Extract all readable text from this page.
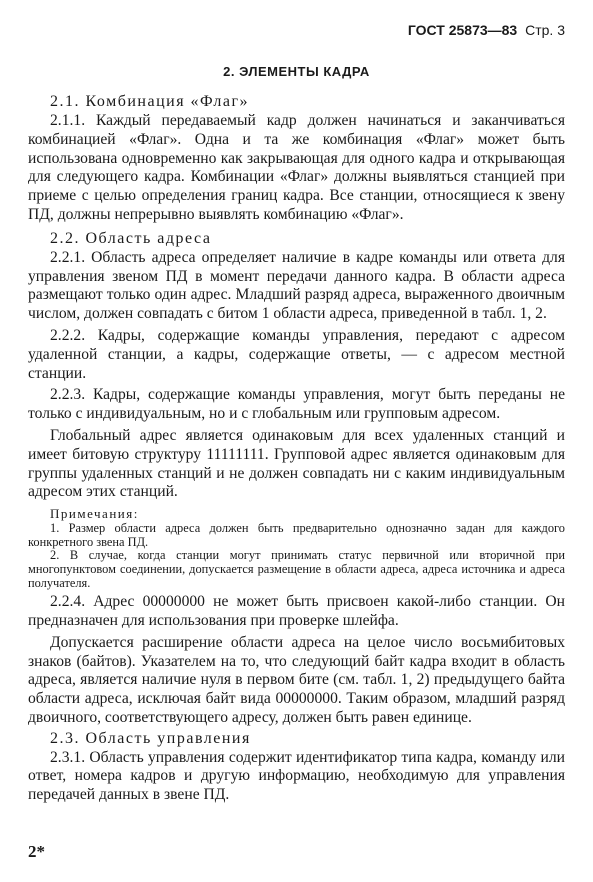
ГОСТ 25873—83 Стр. 3
2. ЭЛЕМЕНТЫ КАДРА

2.1. Комбинация «Флаг»

2.1.1. Каждый передаваемый кадр должен начинаться и заканчиваться комбинацией «Флаг». Одна и та же комбинация «Флаг» может быть использована одновременно как закрывающая для одного кадра и открывающая для следующего кадра. Комбинации «Флаг» должны выявляться станцией при приеме с целью определения границ кадра. Все станции, относящиеся к звену ПД, должны непрерывно выявлять комбинацию «Флаг».

2.2. Область адреса

2.2.1. Область адреса определяет наличие в кадре команды или ответа для управления звеном ПД в момент передачи данного кадра. В области адреса размещают только один адрес. Младший разряд адреса, выраженного двоичным числом, должен совпадать с битом 1 области адреса, приведенной в табл. 1, 2.

2.2.2. Кадры, содержащие команды управления, передают с адресом удаленной станции, а кадры, содержащие ответы, — с адресом местной станции.

2.2.3. Кадры, содержащие команды управления, могут быть переданы не только с индивидуальным, но и с глобальным или групповым адресом.

Глобальный адрес является одинаковым для всех удаленных станций и имеет битовую структуру 11111111. Групповой адрес является одинаковым для группы удаленных станций и не должен совпадать ни с каким индивидуальным адресом этих станций.

Примечания:

1. Размер области адреса должен быть предварительно однозначно задан для каждого конкретного звена ПД.

2. В случае, когда станции могут принимать статус первичной или вторичной при многопунктовом соединении, допускается размещение в области адреса, адреса источника и адреса получателя.

2.2.4. Адрес 00000000 не может быть присвоен какой-либо станции. Он предназначен для использования при проверке шлейфа.

Допускается расширение области адреса на целое число восьмибитовых знаков (байтов). Указателем на то, что следующий байт кадра входит в область адреса, является наличие нуля в первом бите (см. табл. 1, 2) предыдущего байта области адреса, исключая байт вида 00000000. Таким образом, младший разряд двоичного, соответствующего адресу, должен быть равен единице.

2.3. Область управления

2.3.1. Область управления содержит идентификатор типа кадра, команду или ответ, номера кадров и другую информацию, необходимую для управления передачей данных в звене ПД.

2*
